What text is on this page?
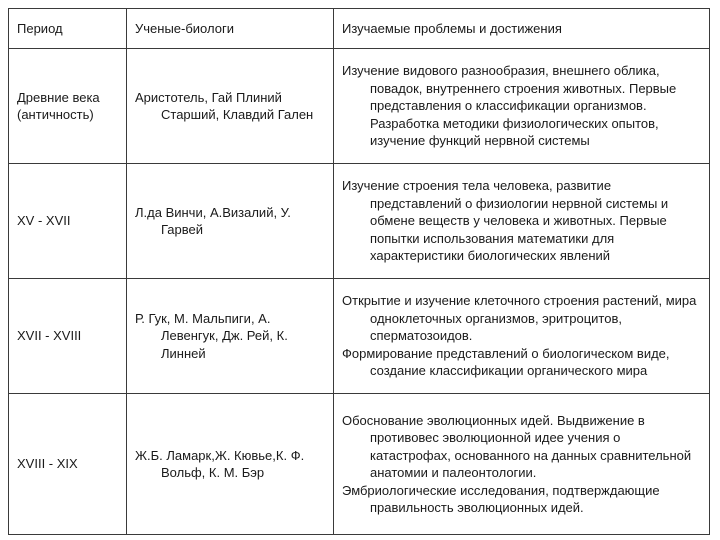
Период	Ученые-биологи	Изучаемые проблемы и достижения
Древние века (античность)	Аристотель, Гай Плиний Старший, Клавдий Гален	Изучение видового разнообразия, внешнего облика, повадок, внутреннего строения животных. Первые представления о классификации организмов. Разработка методики физиологических опытов, изучение функций нервной системы

XV - XVII	Л.да Винчи, А.Визалий, У. Гарвей	Изучение строения тела человека, развитие представлений о физиологии нервной системы и обмене веществ у человека и животных. Первые попытки использования математики для характеристики биологических явлений

XVII - XVIII	Р. Гук, М. Мальпиги, А. Левенгук, Дж. Рей, К. Линней	Открытие и изучение клеточного строения растений, мира одноклеточных организмов, эритроцитов, сперматозоидов.
Формирование представлений о биологическом виде, создание классификации органического мира

XVIII - XIX	Ж.Б. Ламарк,Ж. Кювье,К. Ф. Вольф, К. М. Бэр	Обоснование эволюционных идей. Выдвижение в противовес эволюционной идее учения о катастрофах, основанного на данных сравнительной анатомии и палеонтологии.
Эмбриологические исследования, подтверждающие правильность эволюционных идей.
